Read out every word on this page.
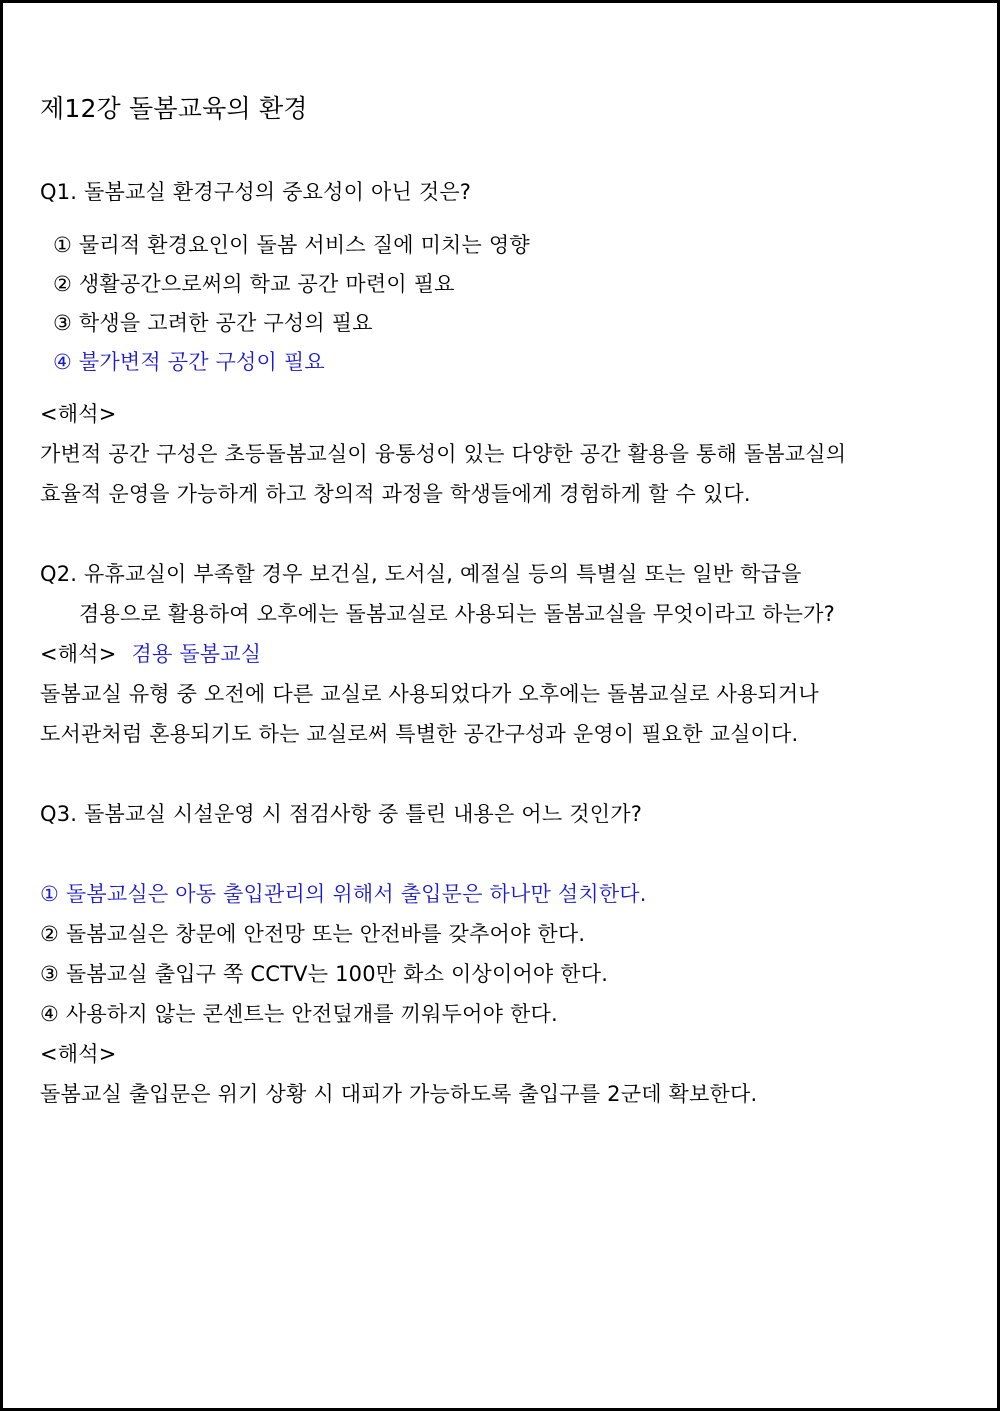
제12강 돌봄교육의 환경
Q1. 돌봄교실 환경구성의 중요성이 아닌 것은?
① 물리적 환경요인이 돌봄 서비스 질에 미치는 영향
② 생활공간으로써의 학교 공간 마련이 필요
③ 학생을 고려한 공간 구성의 필요
④ 불가변적 공간 구성이 필요
<해석>
가변적 공간 구성은 초등돌봄교실이 융통성이 있는 다양한 공간 활용을 통해 돌봄교실의
효율적 운영을 가능하게 하고 창의적 과정을 학생들에게 경험하게 할 수 있다.
Q2. 유휴교실이 부족할 경우 보건실, 도서실, 예절실 등의 특별실 또는 일반 학급을
겸용으로 활용하여 오후에는 돌봄교실로 사용되는 돌봄교실을 무엇이라고 하는가?
<해석> 겸용 돌봄교실
돌봄교실 유형 중 오전에 다른 교실로 사용되었다가 오후에는 돌봄교실로 사용되거나
도서관처럼 혼용되기도 하는 교실로써 특별한 공간구성과 운영이 필요한 교실이다.
Q3. 돌봄교실 시설운영 시 점검사항 중 틀린 내용은 어느 것인가?
① 돌봄교실은 아동 출입관리의 위해서 출입문은 하나만 설치한다.
② 돌봄교실은 창문에 안전망 또는 안전바를 갖추어야 한다.
③ 돌봄교실 출입구 쪽 CCTV는 100만 화소 이상이어야 한다.
④ 사용하지 않는 콘센트는 안전덮개를 끼워두어야 한다.
<해석>
돌봄교실 출입문은 위기 상황 시 대피가 가능하도록 출입구를 2군데 확보한다.
